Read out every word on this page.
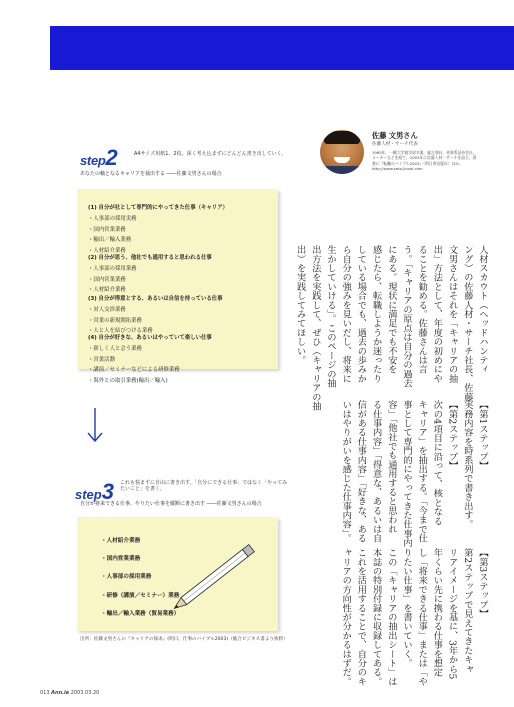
step2	A4サイズ用紙1、2枚。深く考え込まずにどんどん書き出していく。
あなたの軸となるキャリアを抽出する ――佐藤文男さんの場合
(1) 自分が社として専門的にやってきた仕事（キャリア）
・人事部の採用実務
・国内営業業務
・輸出／輸入業務
・人材紹介業務
(2) 自分が思う、他社でも通用すると思われる仕事
・人事部の採用業務
・国内営業業務
・人材紹介業務
(3) 自分が得意とする、あるいは自信を持っている仕事
・対人交渉業務
・営業の新規開拓業務
・人と人を結びつける業務
(4) 自分が好きな、あるいはやっていて楽しい仕事
・新しく人と会う業務
・営業活動
・講演／セミナーなどによる研修業務
・海外との取引業務(輸出／輸入)
step3 これも悩まずに自由に書き出す。「自分にできる仕事」ではなく「やってみたいこと」を書く。
自分が将来できる仕事、やりたい仕事を縦断に書き出す ――佐藤文男さんの場合
・人材紹介業務
・国内営業業務
・人事部の採用業務
・研修（講演／セミナー）業務
・輸出／輸入業務（貿易業務）
出所：佐藤文男さんの『キャリアの探求』(明日、仕事のバイブル2003)（総合ビジネス書より抜粋）
佐藤 文男さん
佐藤人材・サーチ代表
1965年、一橋大学商学部卒業。総合商社、外資系証券会社、メーカーなどを経て、2003年に佐藤人材・サーチを設立。著書に『転職のバイブル2003』（明日香出版社）ほか。 http://www.sato-jinzai.com
人材スカウト（ヘッドハンティ
ング）の佐藤人材・サーチ社長、佐藤
文男さんはそれを「キャリアの抽
出」方法として、年度の初めにや
ることを勧める。佐藤さんは言
う。「キャリアの原点は自分の過去
にある。現状に満足でも不安を
感じたら、転職しようか迷ったり
している場合でも、過去の歩みか
ら自分の強みを見いだし、将来に
生かしていける」。このページの抽
出方法を実践して、ぜひ（キャリアの抽
出）を実践してみてほしい。
【第1ステップ】
実務内容を時系列で書き出す。
【第2ステップ】
次の4項目に沿って、核となる
キャリア」を抽出する。「今まで仕
事として専門的にやってきた仕事内
容」「他社でも通用すると思われ
る仕事内容」「得意な、あるいは自
信がある仕事内容」「好きな、ある
いはやりがいを感じた仕事内容」。
【第3ステップ】
第2ステップで見えてきたキャ
リアイメージを基に、3年から5
年くらい先に携わる仕事を想定
し「将来できる仕事」または「や
りたい仕事」を書いていく。
この「キャリアの抽出シート」は
本誌の特別付録に収録してある。
これを活用することで、自分のキ
ャリアの方向性が分かるはずだ。
013 Ann.ie 2003.03.20
